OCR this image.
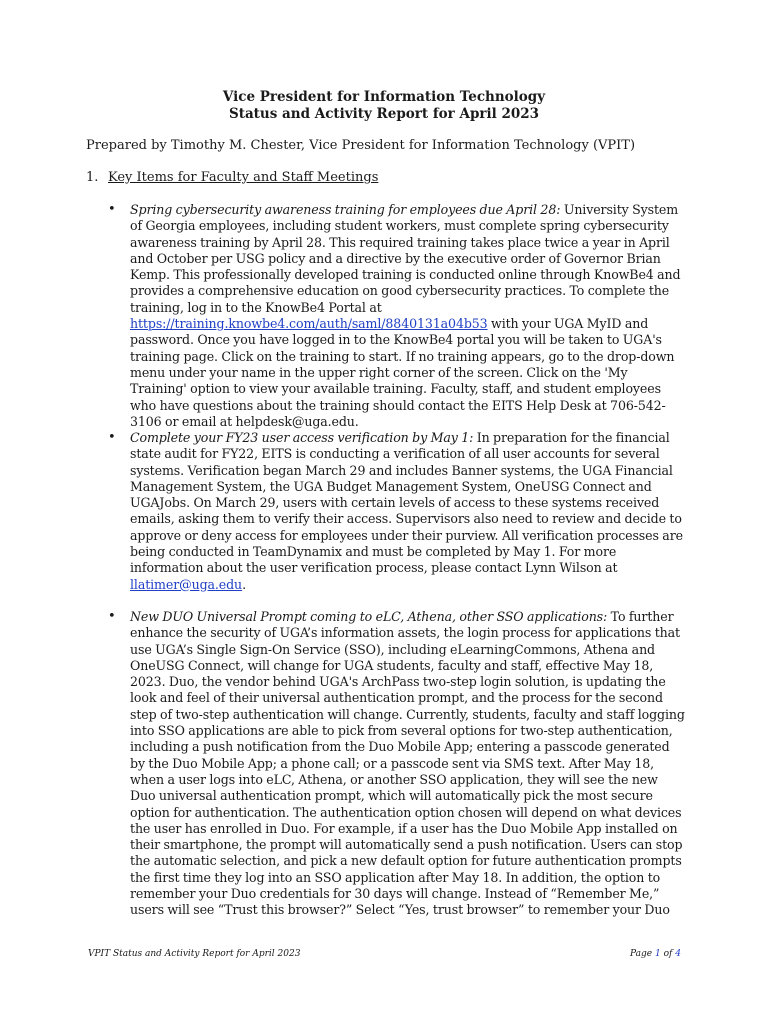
Vice President for Information Technology
Status and Activity Report for April 2023
Prepared by Timothy M. Chester, Vice President for Information Technology (VPIT)
1. Key Items for Faculty and Staff Meetings
• Spring cybersecurity awareness training for employees due April 28: University System of Georgia employees, including student workers, must complete spring cybersecurity awareness training by April 28. This required training takes place twice a year in April and October per USG policy and a directive by the executive order of Governor Brian Kemp. This professionally developed training is conducted online through KnowBe4 and provides a comprehensive education on good cybersecurity practices. To complete the training, log in to the KnowBe4 Portal at https://training.knowbe4.com/auth/saml/8840131a04b53 with your UGA MyID and password. Once you have logged in to the KnowBe4 portal you will be taken to UGA's training page. Click on the training to start. If no training appears, go to the drop-down menu under your name in the upper right corner of the screen. Click on the 'My Training' option to view your available training. Faculty, staff, and student employees who have questions about the training should contact the EITS Help Desk at 706-542-3106 or email at helpdesk@uga.edu.
• Complete your FY23 user access verification by May 1: In preparation for the financial state audit for FY22, EITS is conducting a verification of all user accounts for several systems. Verification began March 29 and includes Banner systems, the UGA Financial Management System, the UGA Budget Management System, OneUSG Connect and UGAJobs. On March 29, users with certain levels of access to these systems received emails, asking them to verify their access. Supervisors also need to review and decide to approve or deny access for employees under their purview. All verification processes are being conducted in TeamDynamix and must be completed by May 1. For more information about the user verification process, please contact Lynn Wilson at llatimer@uga.edu.
• New DUO Universal Prompt coming to eLC, Athena, other SSO applications: To further enhance the security of UGA’s information assets, the login process for applications that use UGA’s Single Sign-On Service (SSO), including eLearningCommons, Athena and OneUSG Connect, will change for UGA students, faculty and staff, effective May 18, 2023. Duo, the vendor behind UGA's ArchPass two-step login solution, is updating the look and feel of their universal authentication prompt, and the process for the second step of two-step authentication will change. Currently, students, faculty and staff logging into SSO applications are able to pick from several options for two-step authentication, including a push notification from the Duo Mobile App; entering a passcode generated by the Duo Mobile App; a phone call; or a passcode sent via SMS text. After May 18, when a user logs into eLC, Athena, or another SSO application, they will see the new Duo universal authentication prompt, which will automatically pick the most secure option for authentication. The authentication option chosen will depend on what devices the user has enrolled in Duo. For example, if a user has the Duo Mobile App installed on their smartphone, the prompt will automatically send a push notification. Users can stop the automatic selection, and pick a new default option for future authentication prompts the first time they log into an SSO application after May 18. In addition, the option to remember your Duo credentials for 30 days will change. Instead of “Remember Me,” users will see “Trust this browser?” Select “Yes, trust browser” to remember your Duo
VPIT Status and Activity Report for April 2023	Page 1 of 4
